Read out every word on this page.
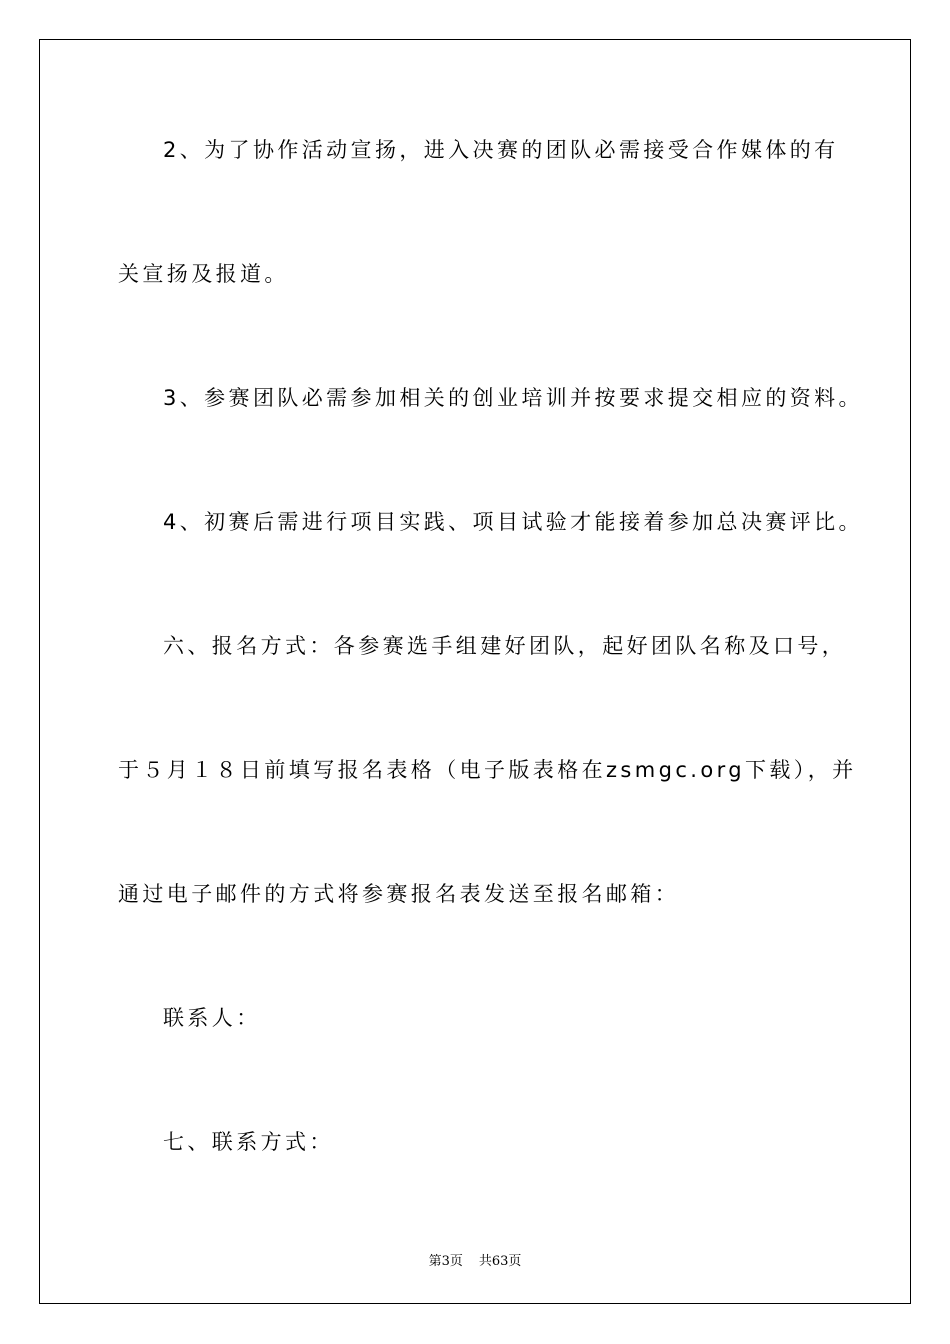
2、为了协作活动宣扬，进入决赛的团队必需接受合作媒体的有
关宣扬及报道。
3、参赛团队必需参加相关的创业培训并按要求提交相应的资料。
4、初赛后需进行项目实践、项目试验才能接着参加总决赛评比。
六、报名方式：各参赛选手组建好团队，起好团队名称及口号，
于５月１８日前填写报名表格（电子版表格在zsmgc.org下载），并
通过电子邮件的方式将参赛报名表发送至报名邮箱：
联系人：
七、联系方式：
第3页 共63页
